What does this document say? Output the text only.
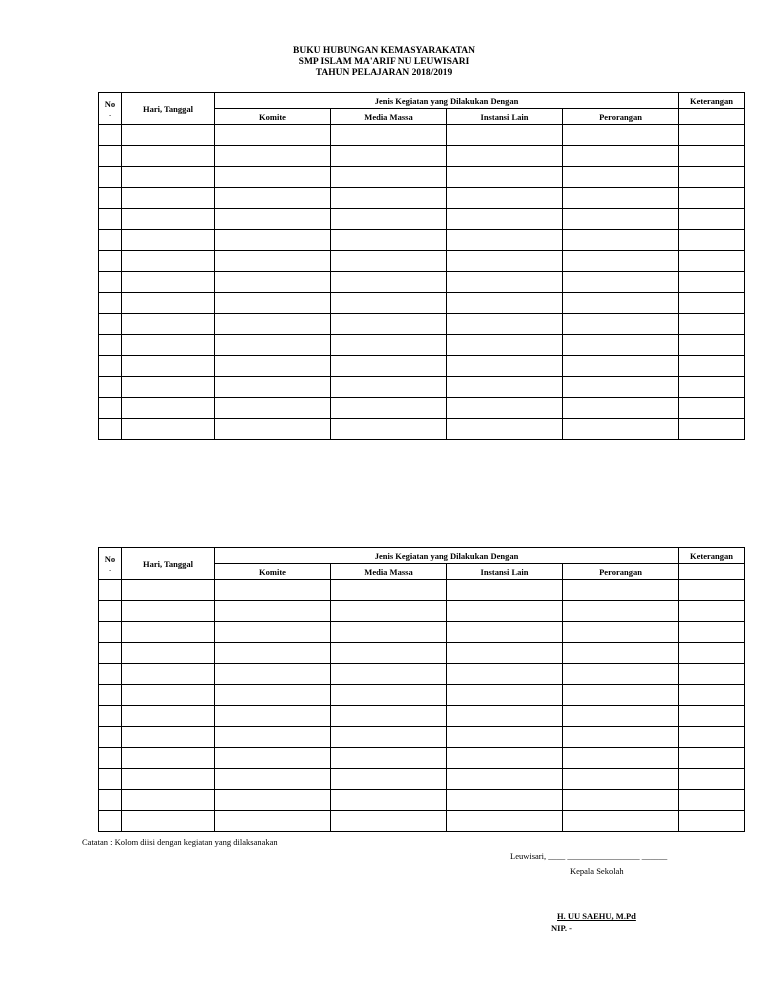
BUKU HUBUNGAN KEMASYARAKATAN
SMP ISLAM MA'ARIF NU LEUWISARI
TAHUN PELAJARAN 2018/2019
No
.	Hari, Tanggal	Jenis Kegiatan yang Dilakukan Dengan				Keterangan
		Komite	Media Massa	Instansi Lain	Perorangan	

No
.	Hari, Tanggal	Jenis Kegiatan yang Dilakukan Dengan				Keterangan
		Komite	Media Massa	Instansi Lain	Perorangan	

Catatan : Kolom diisi dengan kegiatan yang dilaksanakan
Leuwisari, ____ _________________ ______
Kepala Sekolah
H. UU SAEHU, M.Pd
NIP. -
